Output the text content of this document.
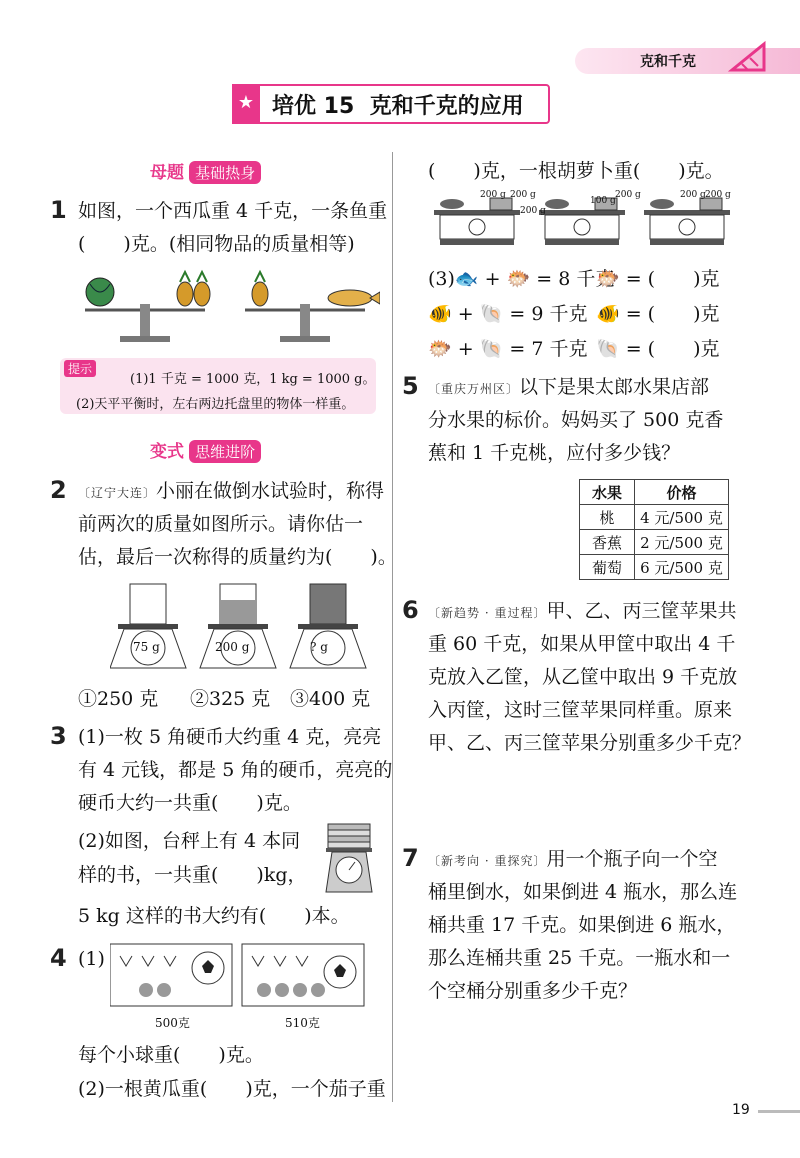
克和千克
★ 培优 15  克和千克的应用
母题 基础热身
1 如图，一个西瓜重 4 千克，一条鱼重
(　　)克。(相同物品的质量相等)
提示
(1)1 千克 = 1000 克，1 kg = 1000 g。
(2)天平平衡时，左右两边托盘里的物体一样重。
变式 思维进阶
2 〔辽宁大连〕小丽在做倒水试验时，称得
前两次的质量如图所示。请你估一
估，最后一次称得的质量约为(　　)。
75 g	200 g	? g
①250 克 ②325 克 ③400 克
3 (1)一枚 5 角硬币大约重 4 克，亮亮
有 4 元钱，都是 5 角的硬币，亮亮的
硬币大约一共重(　　)克。
(2)如图，台秤上有 4 本同
样的书，一共重(　　)kg，
5 kg 这样的书大约有(　　)本。
4 (1)
500克	510克
每个小球重(　　)克。
(2)一根黄瓜重(　　)克，一个茄子重
(　　)克，一根胡萝卜重(　　)克。
200 g 200 g
200 g
100 g
200 g	200 g 200 g
(3)🐟 + 🐡 = 8 千克
🐡 = (　　)克
🐠 + 🐚 = 9 千克 🐠 = (　　)克
🐡 + 🐚 = 7 千克 🐚 = (　　)克
5 〔重庆万州区〕以下是果太郎水果店部
分水果的标价。妈妈买了 500 克香
蕉和 1 千克桃，应付多少钱？
水果	价格
桃	4 元/500 克
香蕉	2 元/500 克
葡萄	6 元/500 克
6 〔新趋势 · 重过程〕甲、乙、丙三筐苹果共
重 60 千克，如果从甲筐中取出 4 千
克放入乙筐，从乙筐中取出 9 千克放
入丙筐，这时三筐苹果同样重。原来
甲、乙、丙三筐苹果分别重多少千克？
7 〔新考向 · 重探究〕用一个瓶子向一个空
桶里倒水，如果倒进 4 瓶水，那么连
桶共重 17 千克。如果倒进 6 瓶水，
那么连桶共重 25 千克。一瓶水和一
个空桶分别重多少千克？
19
